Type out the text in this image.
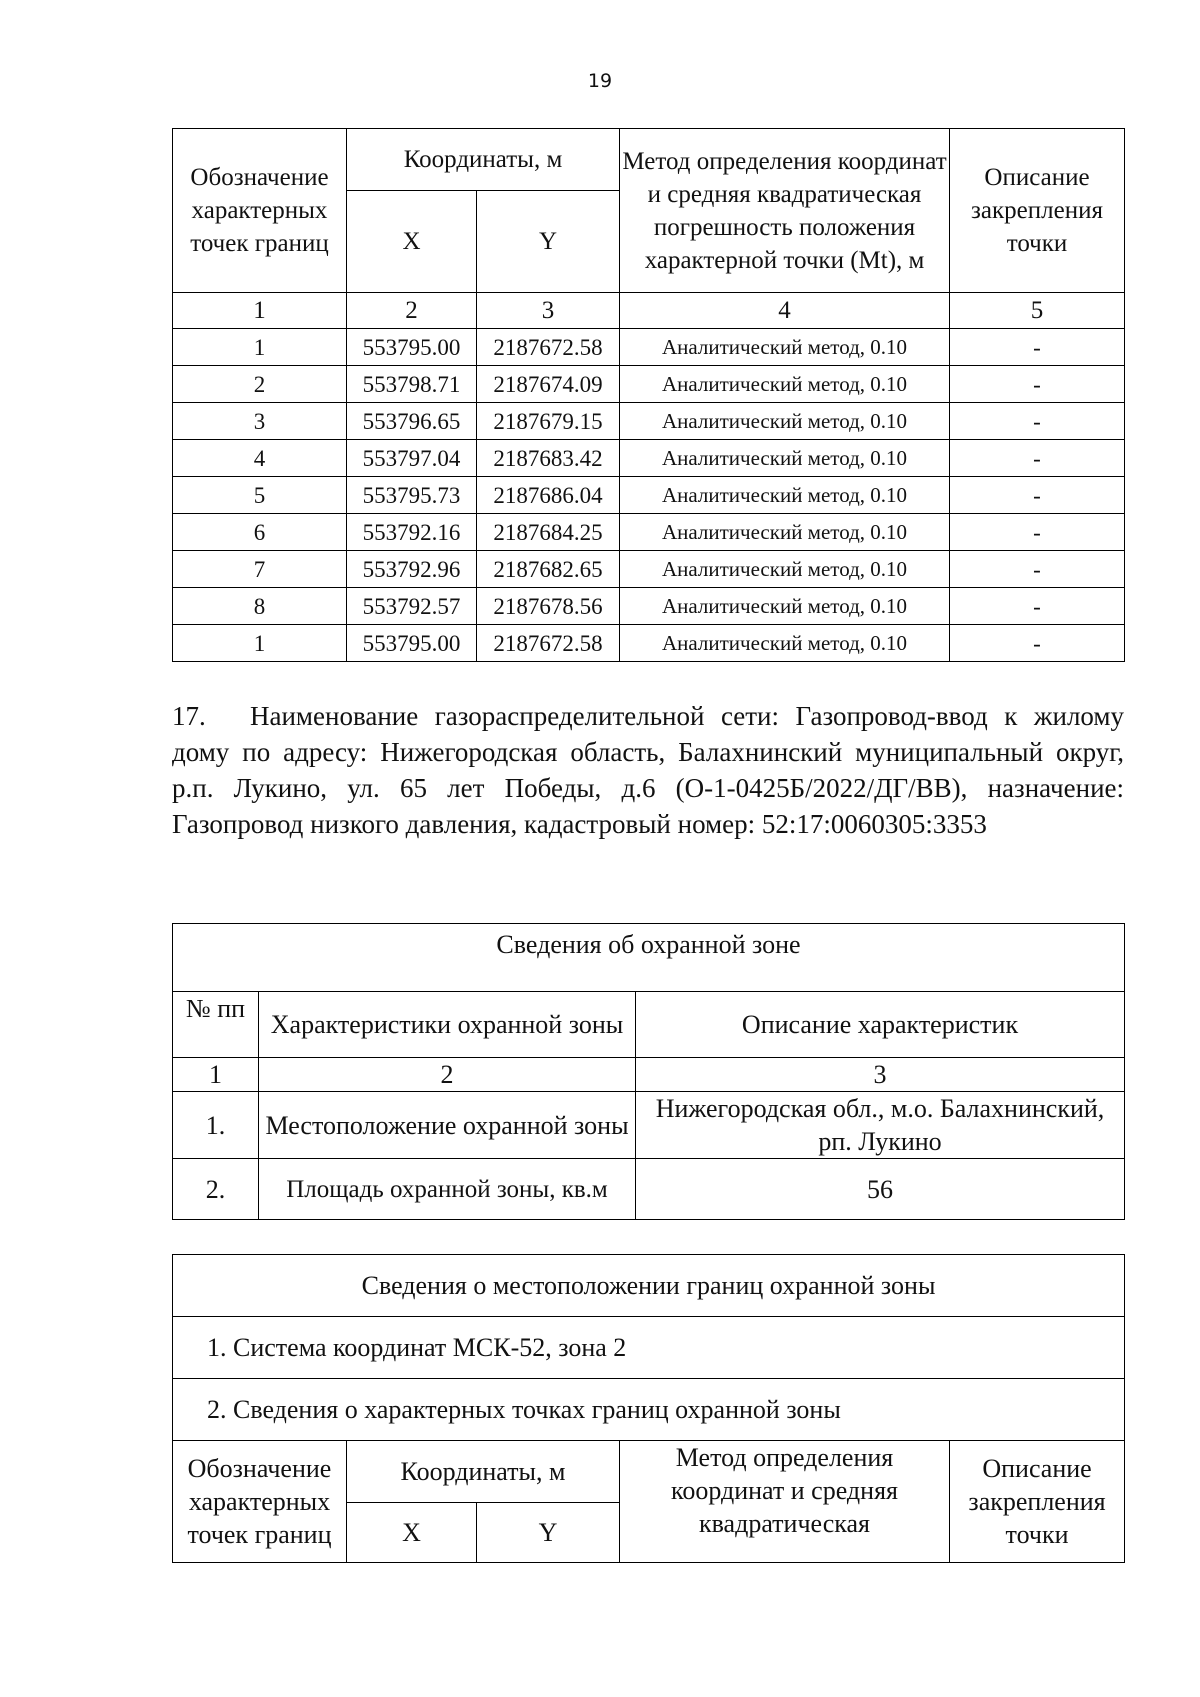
19
Обозначение характерных точек границ	Координаты, м		Метод определения координат и средняя квадратическая погрешность положения характерной точки (Mt), м	Описание закрепления точки
	X	Y		
1	2	3	4	5
1	553795.00	2187672.58	Аналитический метод, 0.10	-
2	553798.71	2187674.09	Аналитический метод, 0.10	-
3	553796.65	2187679.15	Аналитический метод, 0.10	-
4	553797.04	2187683.42	Аналитический метод, 0.10	-
5	553795.73	2187686.04	Аналитический метод, 0.10	-
6	553792.16	2187684.25	Аналитический метод, 0.10	-
7	553792.96	2187682.65	Аналитический метод, 0.10	-
8	553792.57	2187678.56	Аналитический метод, 0.10	-
1	553795.00	2187672.58	Аналитический метод, 0.10	-
17. Наименование газораспределительной сети: Газопровод-ввод к жилому дому по адресу: Нижегородская область, Балахнинский муниципальный округ, р.п. Лукино, ул. 65 лет Победы, д.6 (О-1-0425Б/2022/ДГ/ВВ), назначение: Газопровод низкого давления, кадастровый номер: 52:17:0060305:3353
Сведения об охранной зоне		
№ пп	Характеристики охранной зоны	Описание характеристик
1	2	3
1.	Местоположение охранной зоны	Нижегородская обл., м.о. Балахнинский, рп. Лукино
2.	Площадь охранной зоны, кв.м	56
Сведения о местоположении границ охранной зоны				
1. Система координат МСК-52, зона 2				
2. Сведения о характерных точках границ охранной зоны				
Обозначение характерных точек границ	Координаты, м		Метод определения координат и средняя квадратическая	Описание закрепления точки
	X	Y		
